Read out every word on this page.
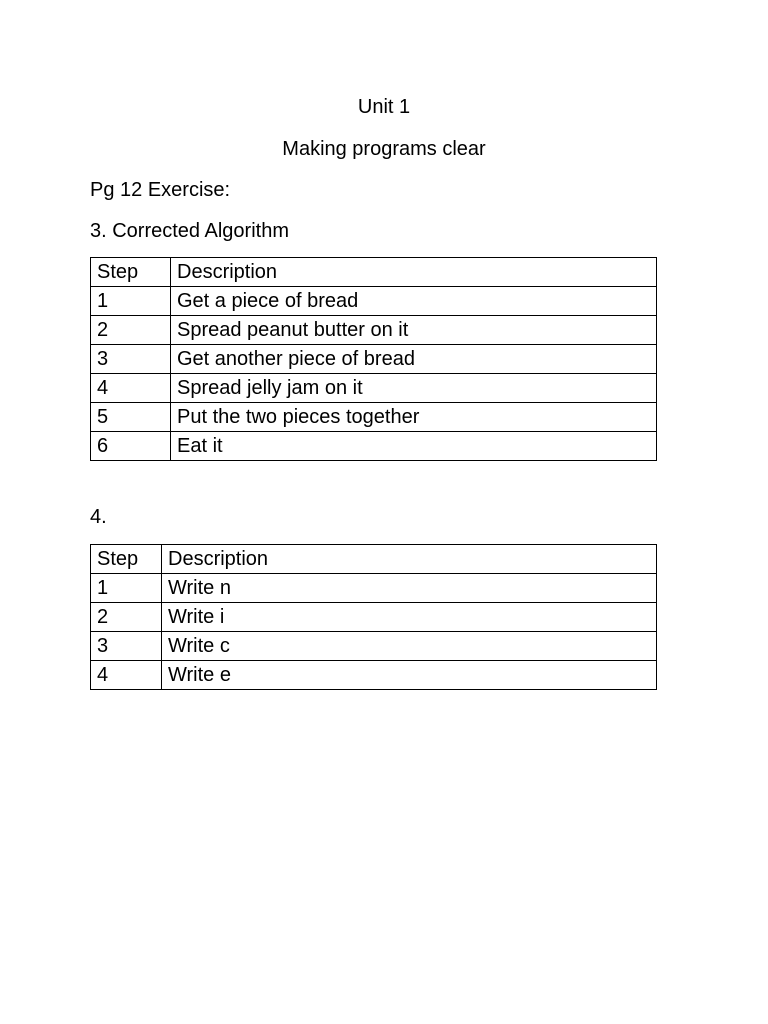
Unit 1
Making programs clear
Pg 12 Exercise:
3. Corrected Algorithm
Step	Description
1	Get a piece of bread
2	Spread peanut butter on it
3	Get another piece of bread
4	Spread jelly jam on it
5	Put the two pieces together
6	Eat it
4.
Step	Description
1	Write n
2	Write i
3	Write c
4	Write e
